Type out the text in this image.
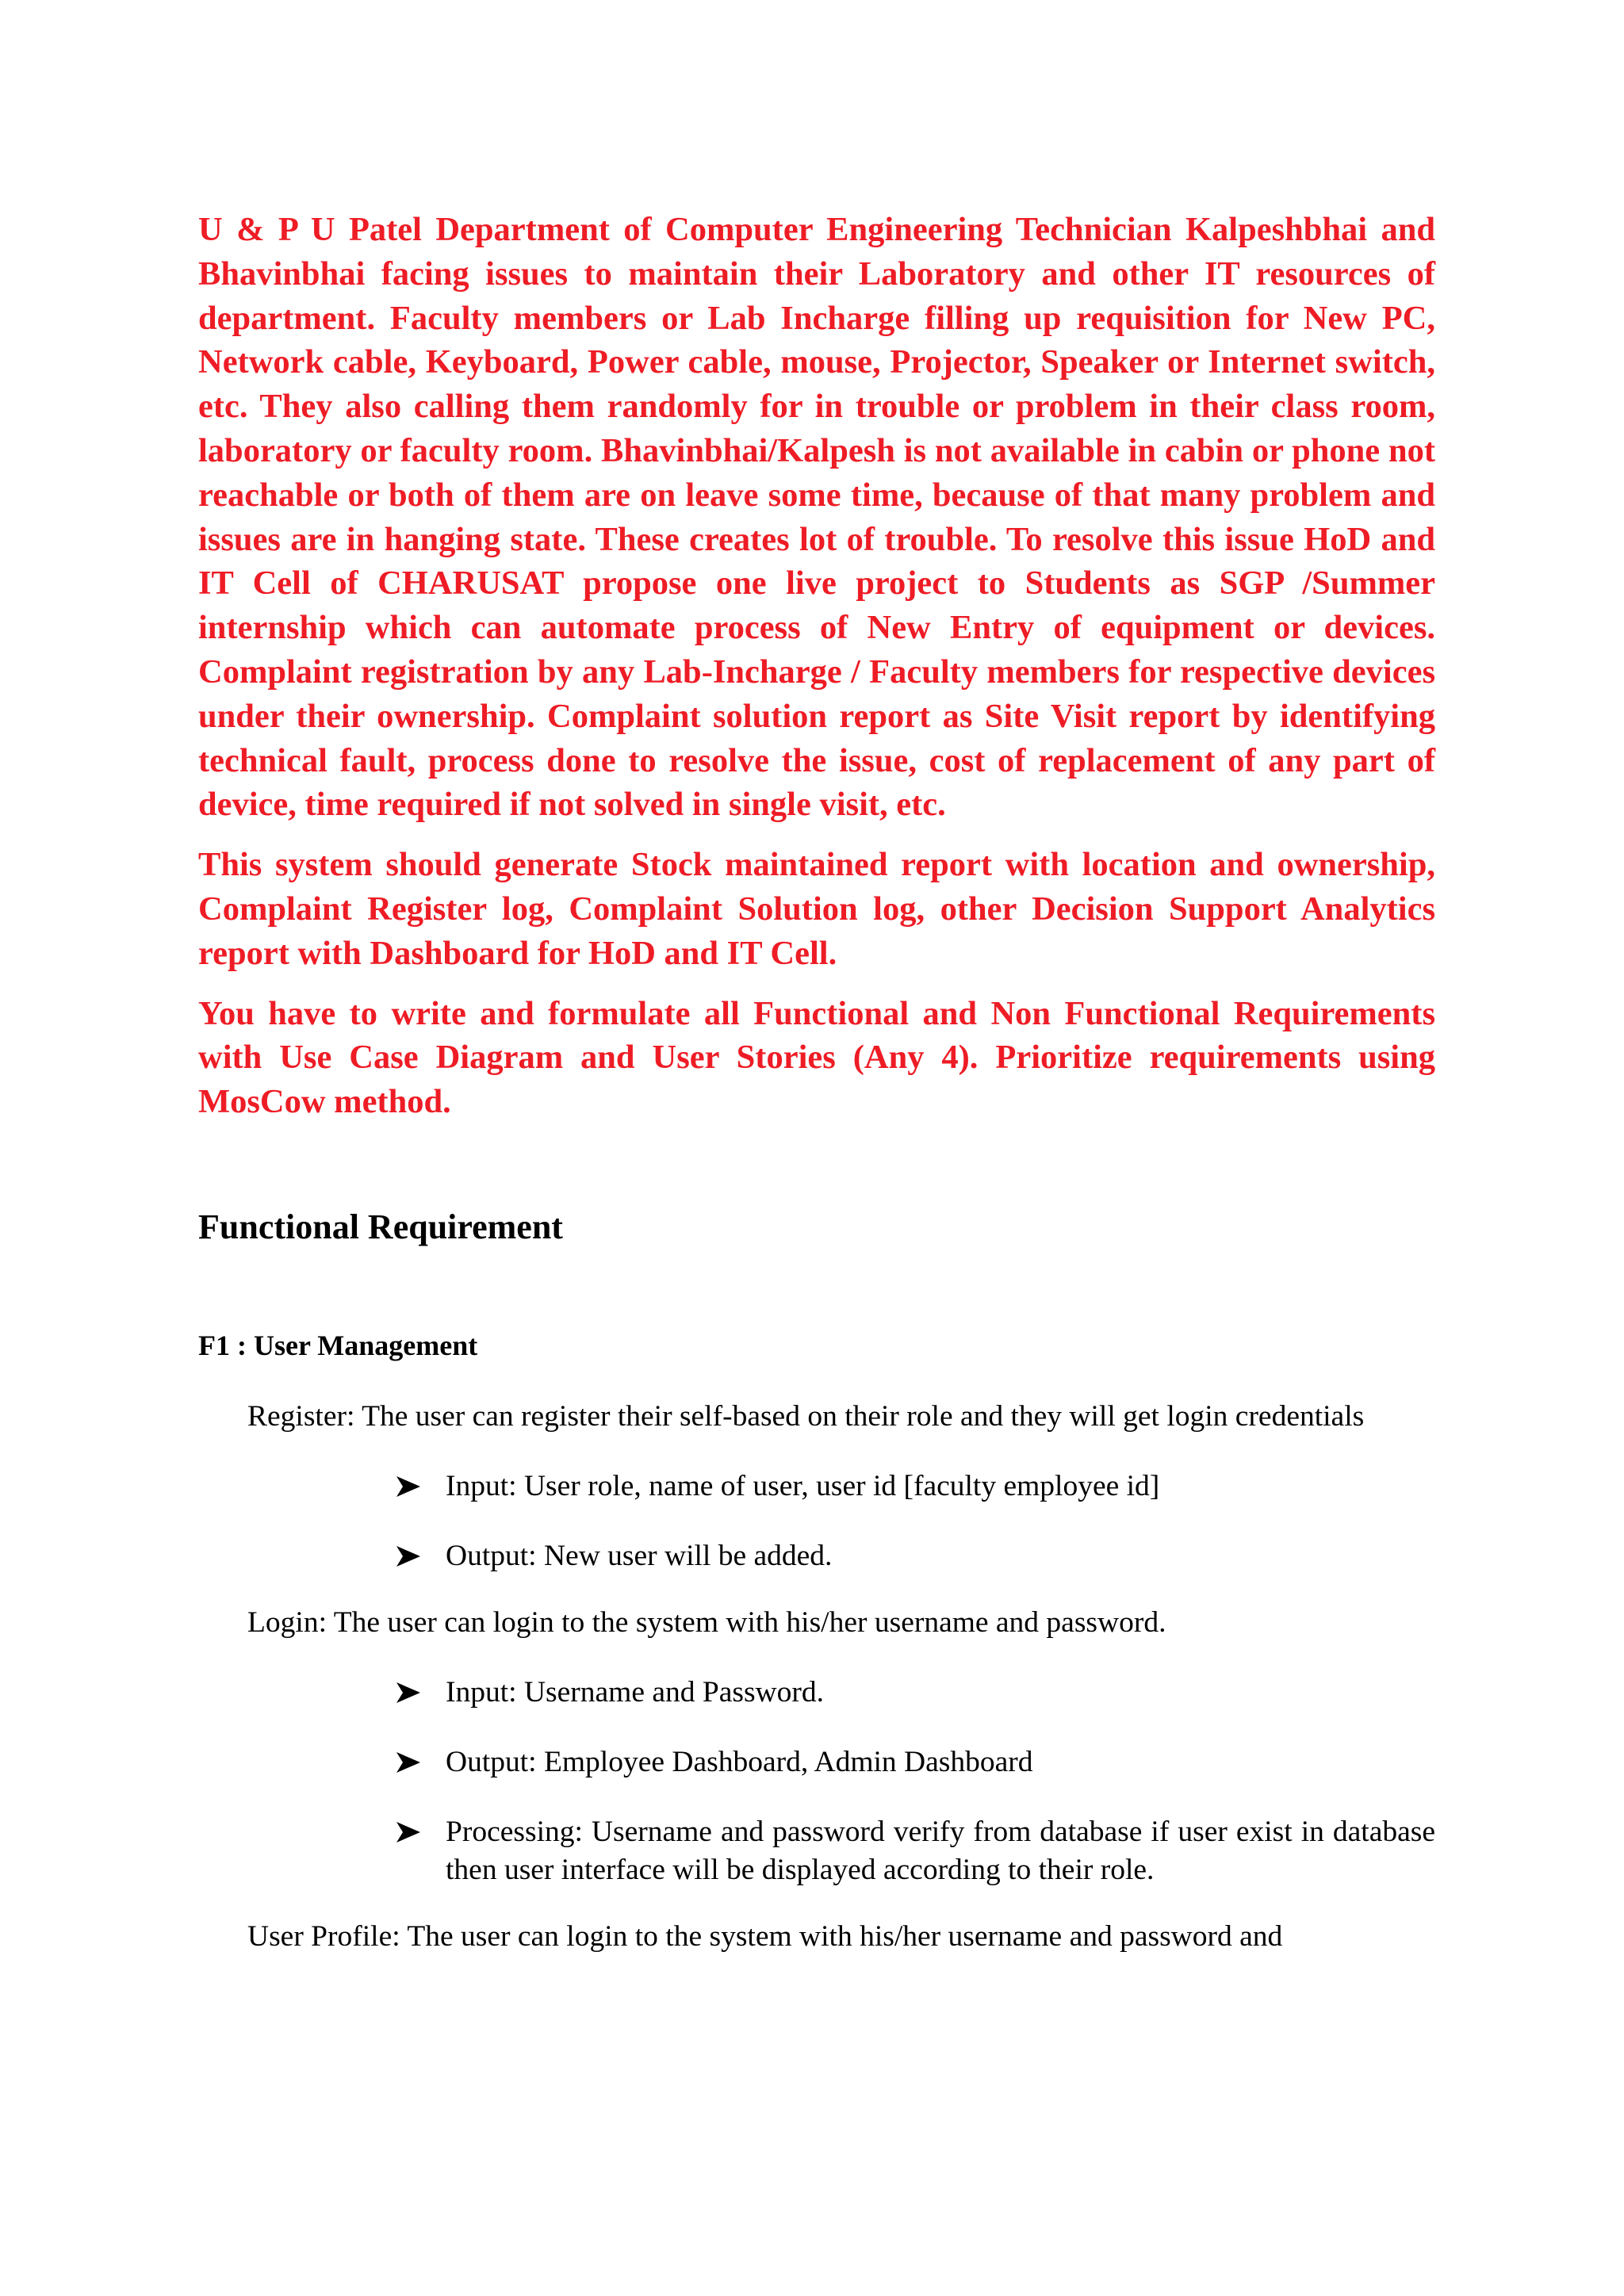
U & P U Patel Department of Computer Engineering Technician Kalpeshbhai and Bhavinbhai facing issues to maintain their Laboratory and other IT resources of department. Faculty members or Lab Incharge filling up requisition for New PC, Network cable, Keyboard, Power cable, mouse, Projector, Speaker or Internet switch, etc. They also calling them randomly for in trouble or problem in their class room, laboratory or faculty room. Bhavinbhai/Kalpesh is not available in cabin or phone not reachable or both of them are on leave some time, because of that many problem and issues are in hanging state. These creates lot of trouble. To resolve this issue HoD and IT Cell of CHARUSAT propose one live project to Students as SGP /Summer internship which can automate process of New Entry of equipment or devices. Complaint registration by any Lab-Incharge / Faculty members for respective devices under their ownership. Complaint solution report as Site Visit report by identifying technical fault, process done to resolve the issue, cost of replacement of any part of device, time required if not solved in single visit, etc.

This system should generate Stock maintained report with location and ownership, Complaint Register log, Complaint Solution log, other Decision Support Analytics report with Dashboard for HoD and IT Cell.

You have to write and formulate all Functional and Non Functional Requirements with Use Case Diagram and User Stories (Any 4). Prioritize requirements using MosCow method.

Functional Requirement
F1 : User Management

Register: The user can register their self-based on their role and they will get login credentials

Input: User role, name of user, user id [faculty employee id]
Output: New user will be added.

Login: The user can login to the system with his/her username and password.

Input: Username and Password.
Output: Employee Dashboard, Admin Dashboard
Processing: Username and password verify from database if user exist in database then user interface will be displayed according to their role.

User Profile: The user can login to the system with his/her username and password and
